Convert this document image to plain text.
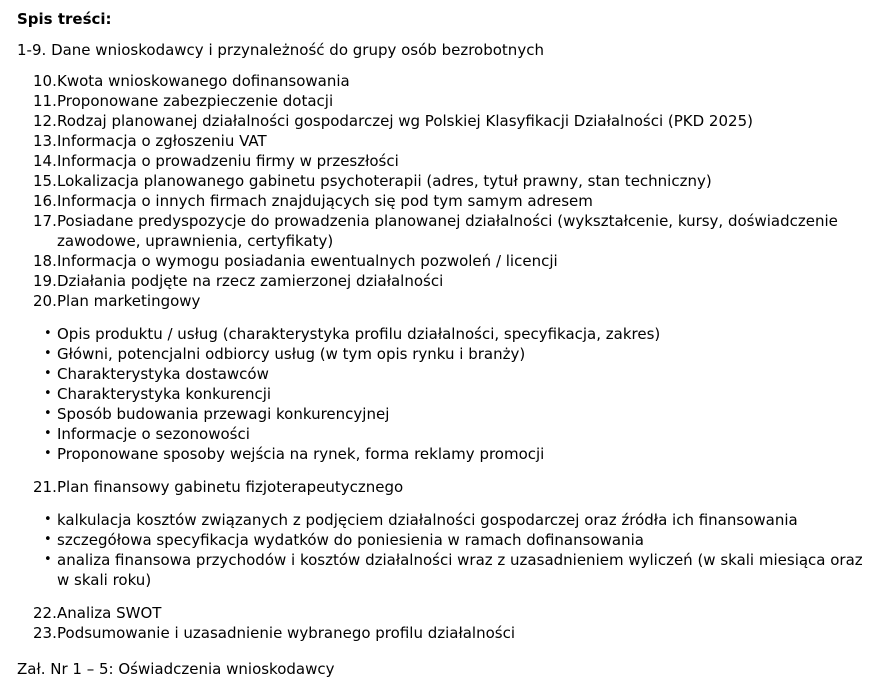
Spis treści:
1-9. Dane wnioskodawcy i przynależność do grupy osób bezrobotnych
10. Kwota wnioskowanego dofinansowania
11. Proponowane zabezpieczenie dotacji
12. Rodzaj planowanej działalności gospodarczej wg Polskiej Klasyfikacji Działalności (PKD 2025)
13. Informacja o zgłoszeniu VAT
14. Informacja o prowadzeniu firmy w przeszłości
15. Lokalizacja planowanego gabinetu psychoterapii (adres, tytuł prawny, stan techniczny)
16. Informacja o innych firmach znajdujących się pod tym samym adresem
17. Posiadane predyspozycje do prowadzenia planowanej działalności (wykształcenie, kursy, doświadczenie zawodowe, uprawnienia, certyfikaty)
18. Informacja o wymogu posiadania ewentualnych pozwoleń / licencji
19. Działania podjęte na rzecz zamierzonej działalności
20. Plan marketingowy
• Opis produktu / usług (charakterystyka profilu działalności, specyfikacja, zakres)
• Główni, potencjalni odbiorcy usług (w tym opis rynku i branży)
• Charakterystyka dostawców
• Charakterystyka konkurencji
• Sposób budowania przewagi konkurencyjnej
• Informacje o sezonowości
• Proponowane sposoby wejścia na rynek, forma reklamy promocji
21. Plan finansowy gabinetu fizjoterapeutycznego
• kalkulacja kosztów związanych z podjęciem działalności gospodarczej oraz źródła ich finansowania
• szczegółowa specyfikacja wydatków do poniesienia w ramach dofinansowania
• analiza finansowa przychodów i kosztów działalności wraz z uzasadnieniem wyliczeń (w skali miesiąca oraz w skali roku)
22. Analiza SWOT
23. Podsumowanie i uzasadnienie wybranego profilu działalności
Zał. Nr 1 – 5: Oświadczenia wnioskodawcy
